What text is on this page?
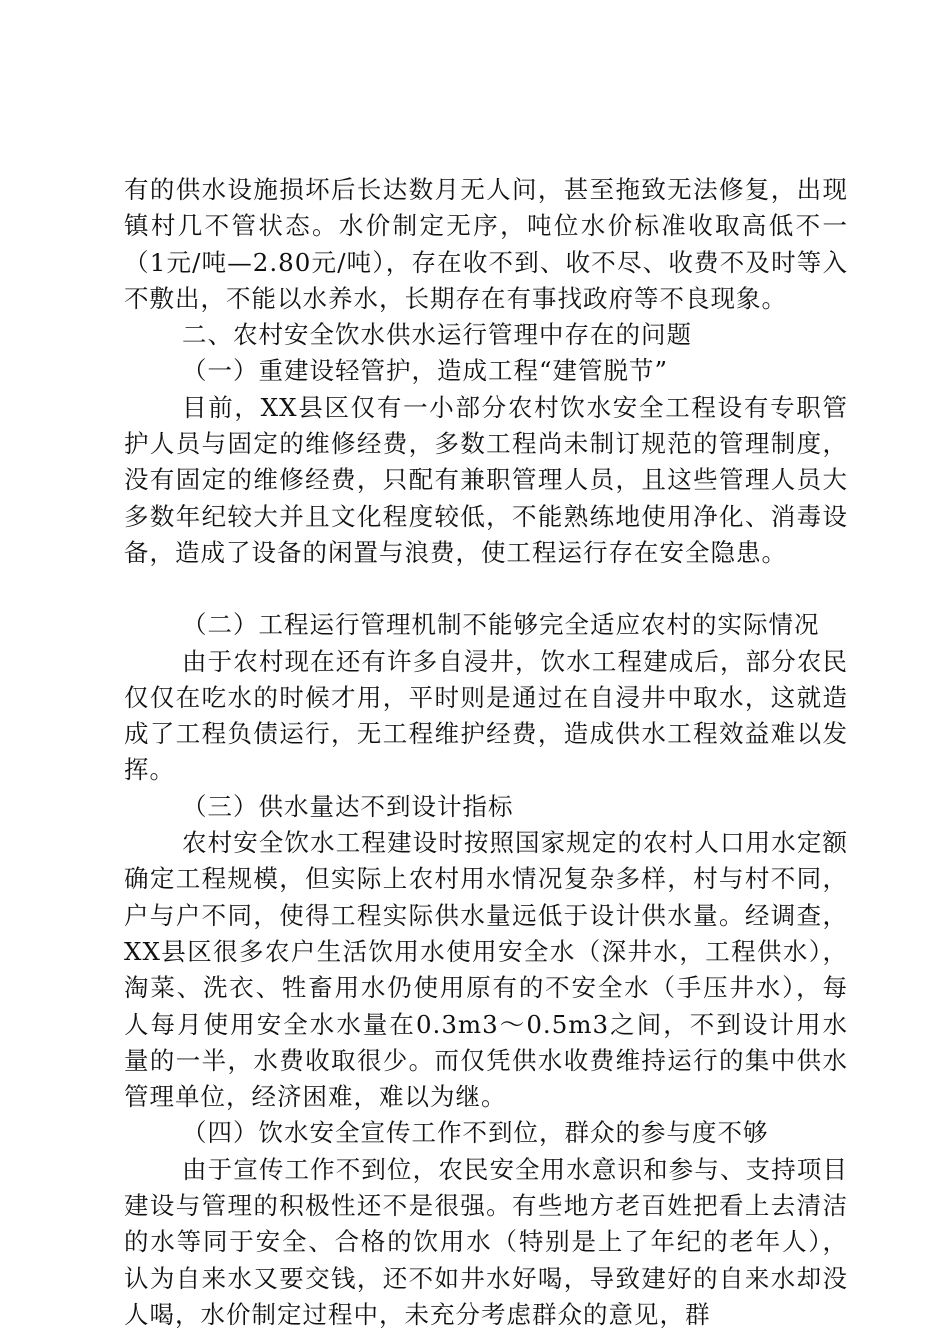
有的供水设施损坏后长达数月无人问，甚至拖致无法修复，出现镇村几不管状态。水价制定无序，吨位水价标准收取高低不一（1元/吨—2.80元/吨），存在收不到、收不尽、收费不及时等入不敷出，不能以水养水，长期存在有事找政府等不良现象。

二、农村安全饮水供水运行管理中存在的问题

（一）重建设轻管护，造成工程“建管脱节”

目前，XX县区仅有一小部分农村饮水安全工程设有专职管护人员与固定的维修经费，多数工程尚未制订规范的管理制度，没有固定的维修经费，只配有兼职管理人员，且这些管理人员大多数年纪较大并且文化程度较低，不能熟练地使用净化、消毒设备，造成了设备的闲置与浪费，使工程运行存在安全隐患。

（二）工程运行管理机制不能够完全适应农村的实际情况

由于农村现在还有许多自浸井，饮水工程建成后，部分农民仅仅在吃水的时候才用，平时则是通过在自浸井中取水，这就造成了工程负债运行，无工程维护经费，造成供水工程效益难以发挥。

（三）供水量达不到设计指标

农村安全饮水工程建设时按照国家规定的农村人口用水定额确定工程规模，但实际上农村用水情况复杂多样，村与村不同，户与户不同，使得工程实际供水量远低于设计供水量。经调查，XX县区很多农户生活饮用水使用安全水（深井水，工程供水），淘菜、洗衣、牲畜用水仍使用原有的不安全水（手压井水），每人每月使用安全水水量在0.3m3～0.5m3之间，不到设计用水量的一半，水费收取很少。而仅凭供水收费维持运行的集中供水管理单位，经济困难，难以为继。

（四）饮水安全宣传工作不到位，群众的参与度不够

由于宣传工作不到位，农民安全用水意识和参与、支持项目建设与管理的积极性还不是很强。有些地方老百姓把看上去清洁的水等同于安全、合格的饮用水（特别是上了年纪的老年人），认为自来水又要交钱，还不如井水好喝，导致建好的自来水却没人喝，水价制定过程中，未充分考虑群众的意见，群
